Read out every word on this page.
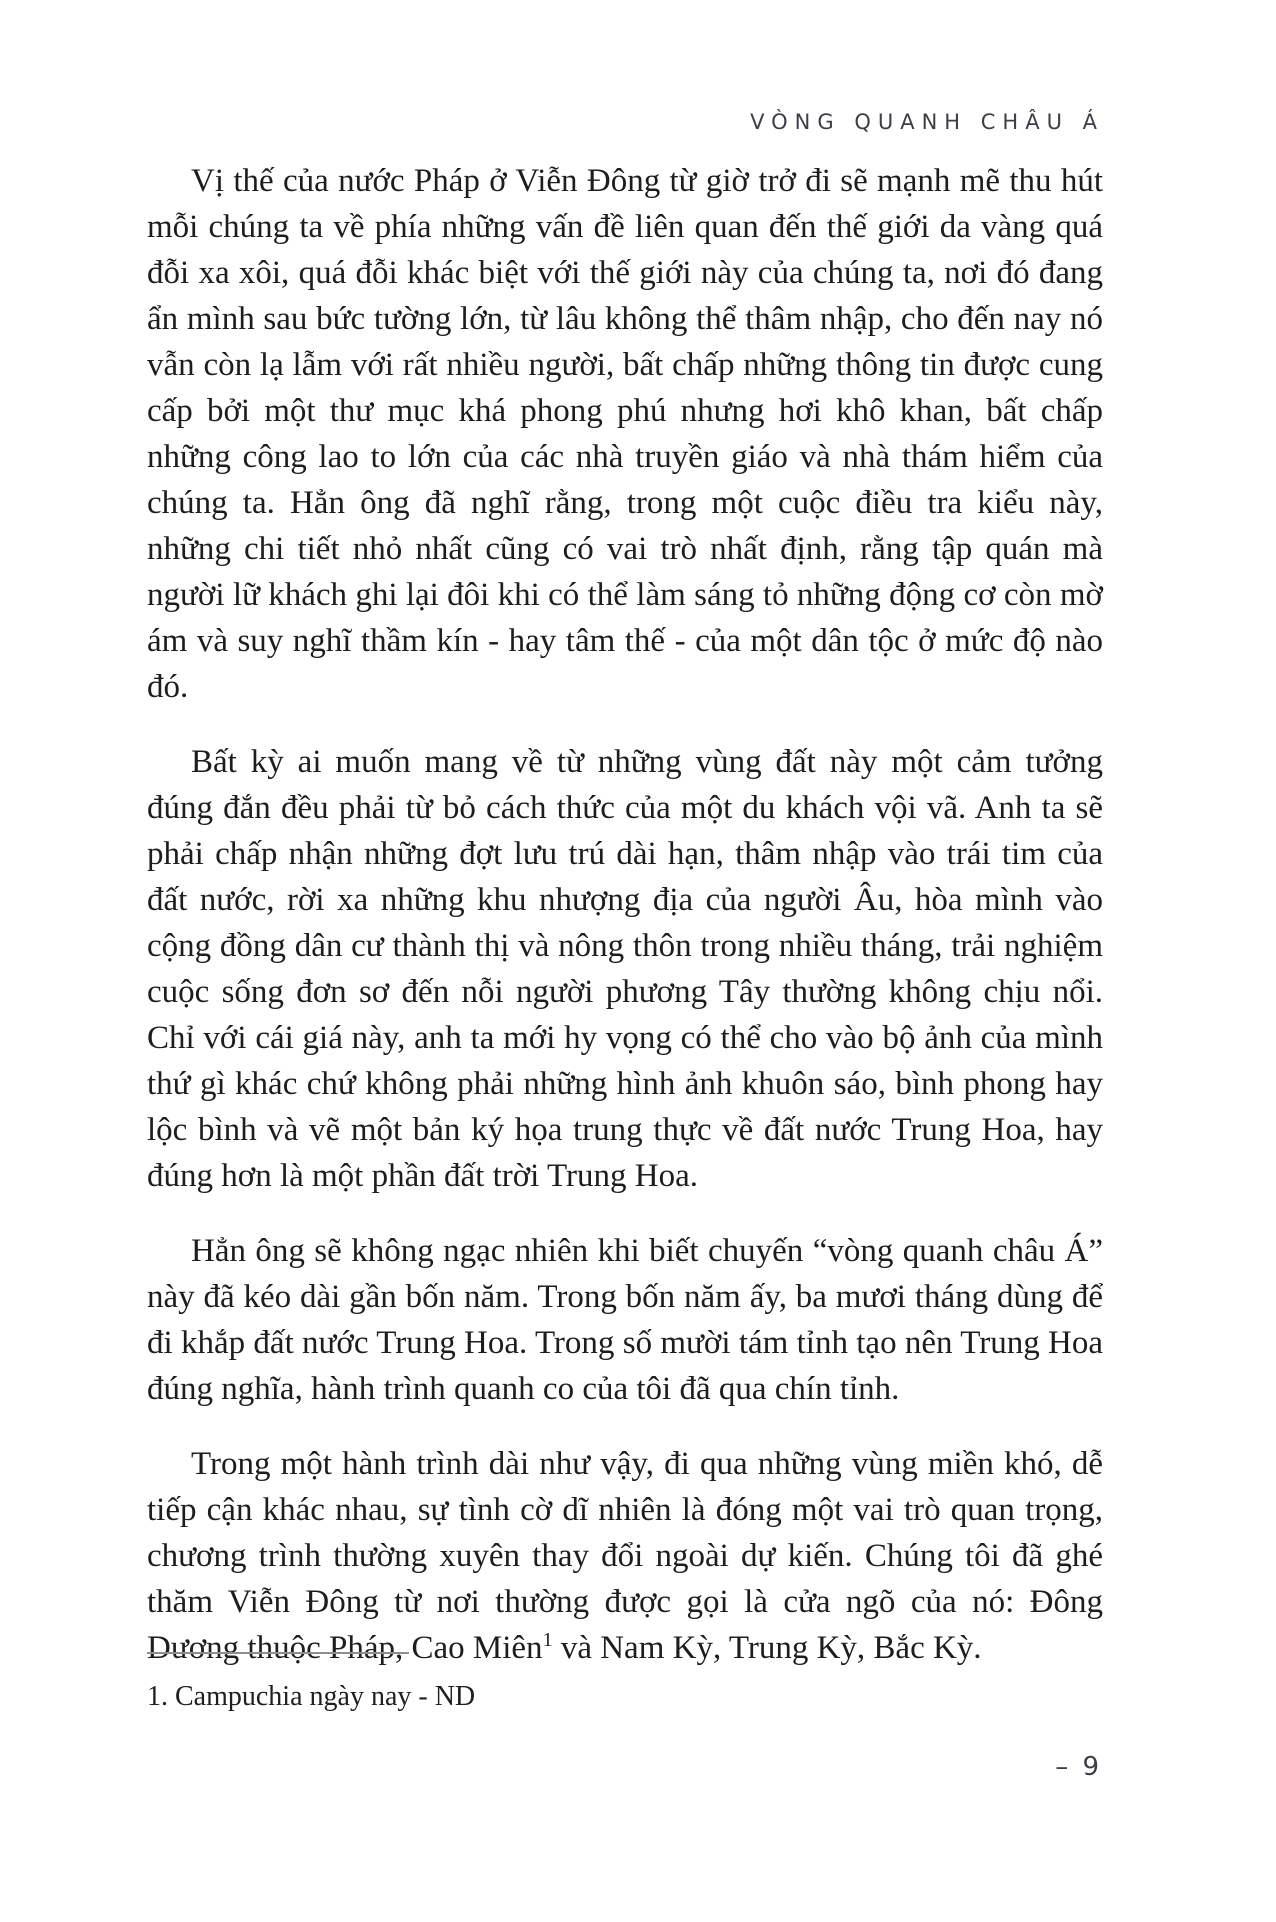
VÒNG QUANH CHÂU Á

Vị thế của nước Pháp ở Viễn Đông từ giờ trở đi sẽ mạnh mẽ thu hút mỗi chúng ta về phía những vấn đề liên quan đến thế giới da vàng quá đỗi xa xôi, quá đỗi khác biệt với thế giới này của chúng ta, nơi đó đang ẩn mình sau bức tường lớn, từ lâu không thể thâm nhập, cho đến nay nó vẫn còn lạ lẫm với rất nhiều người, bất chấp những thông tin được cung cấp bởi một thư mục khá phong phú nhưng hơi khô khan, bất chấp những công lao to lớn của các nhà truyền giáo và nhà thám hiểm của chúng ta. Hẳn ông đã nghĩ rằng, trong một cuộc điều tra kiểu này, những chi tiết nhỏ nhất cũng có vai trò nhất định, rằng tập quán mà người lữ khách ghi lại đôi khi có thể làm sáng tỏ những động cơ còn mờ ám và suy nghĩ thầm kín - hay tâm thế - của một dân tộc ở mức độ nào đó.

Bất kỳ ai muốn mang về từ những vùng đất này một cảm tưởng đúng đắn đều phải từ bỏ cách thức của một du khách vội vã. Anh ta sẽ phải chấp nhận những đợt lưu trú dài hạn, thâm nhập vào trái tim của đất nước, rời xa những khu nhượng địa của người Âu, hòa mình vào cộng đồng dân cư thành thị và nông thôn trong nhiều tháng, trải nghiệm cuộc sống đơn sơ đến nỗi người phương Tây thường không chịu nổi. Chỉ với cái giá này, anh ta mới hy vọng có thể cho vào bộ ảnh của mình thứ gì khác chứ không phải những hình ảnh khuôn sáo, bình phong hay lộc bình và vẽ một bản ký họa trung thực về đất nước Trung Hoa, hay đúng hơn là một phần đất trời Trung Hoa.

Hẳn ông sẽ không ngạc nhiên khi biết chuyến “vòng quanh châu Á” này đã kéo dài gần bốn năm. Trong bốn năm ấy, ba mươi tháng dùng để đi khắp đất nước Trung Hoa. Trong số mười tám tỉnh tạo nên Trung Hoa đúng nghĩa, hành trình quanh co của tôi đã qua chín tỉnh.

Trong một hành trình dài như vậy, đi qua những vùng miền khó, dễ tiếp cận khác nhau, sự tình cờ dĩ nhiên là đóng một vai trò quan trọng, chương trình thường xuyên thay đổi ngoài dự kiến. Chúng tôi đã ghé thăm Viễn Đông từ nơi thường được gọi là cửa ngõ của nó: Đông Dương thuộc Pháp, Cao Miên$^1$ và Nam Kỳ, Trung Kỳ, Bắc Kỳ.

1. Campuchia ngày nay - ND
– 9
